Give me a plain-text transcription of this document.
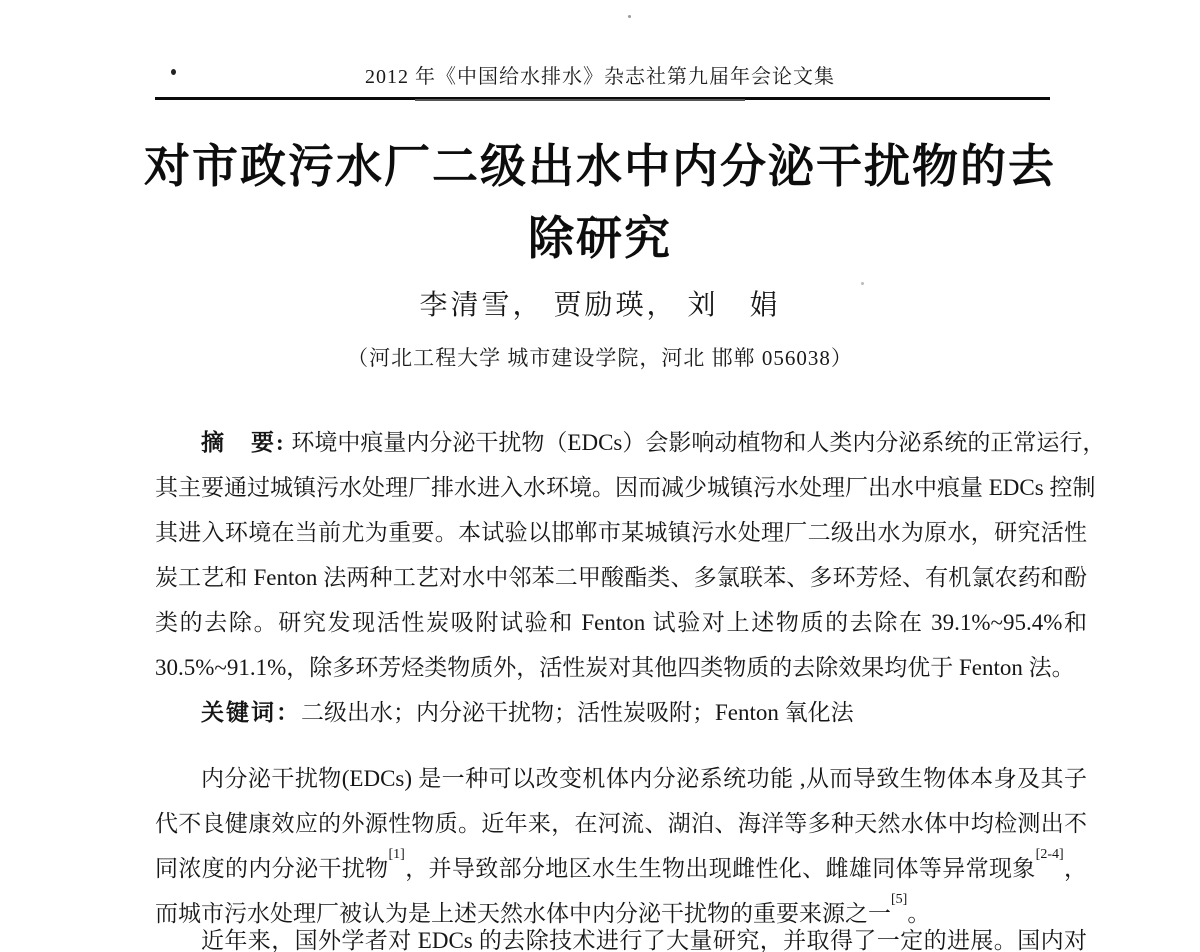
2012 年《中国给水排水》杂志社第九届年会论文集
对市政污水厂二级出水中内分泌干扰物的去
除研究
李清雪， 贾励瑛， 刘　娟
（河北工程大学 城市建设学院，河北 邯郸 056038）
摘　要: 环境中痕量内分泌干扰物（EDCs）会影响动植物和人类内分泌系统的正常运行，
其主要通过城镇污水处理厂排水进入水环境。因而减少城镇污水处理厂出水中痕量 EDCs 控制
其进入环境在当前尤为重要。本试验以邯郸市某城镇污水处理厂二级出水为原水，研究活性
炭工艺和 Fenton 法两种工艺对水中邻苯二甲酸酯类、多氯联苯、多环芳烃、有机氯农药和酚
类的去除。研究发现活性炭吸附试验和 Fenton 试验对上述物质的去除在 39.1%~95.4%和
30.5%~91.1%，除多环芳烃类物质外，活性炭对其他四类物质的去除效果均优于 Fenton 法。
关键词：二级出水；内分泌干扰物；活性炭吸附；Fenton 氧化法
内分泌干扰物(EDCs) 是一种可以改变机体内分泌系统功能 ,从而导致生物体本身及其子
代不良健康效应的外源性物质。近年来，在河流、湖泊、海洋等多种天然水体中均检测出不
同浓度的内分泌干扰物[1]，并导致部分地区水生生物出现雌性化、雌雄同体等异常现象[2-4]，
而城市污水处理厂被认为是上述天然水体中内分泌干扰物的重要来源之一[5]。
近年来，国外学者对 EDCs 的去除技术进行了大量研究，并取得了一定的进展。国内对
